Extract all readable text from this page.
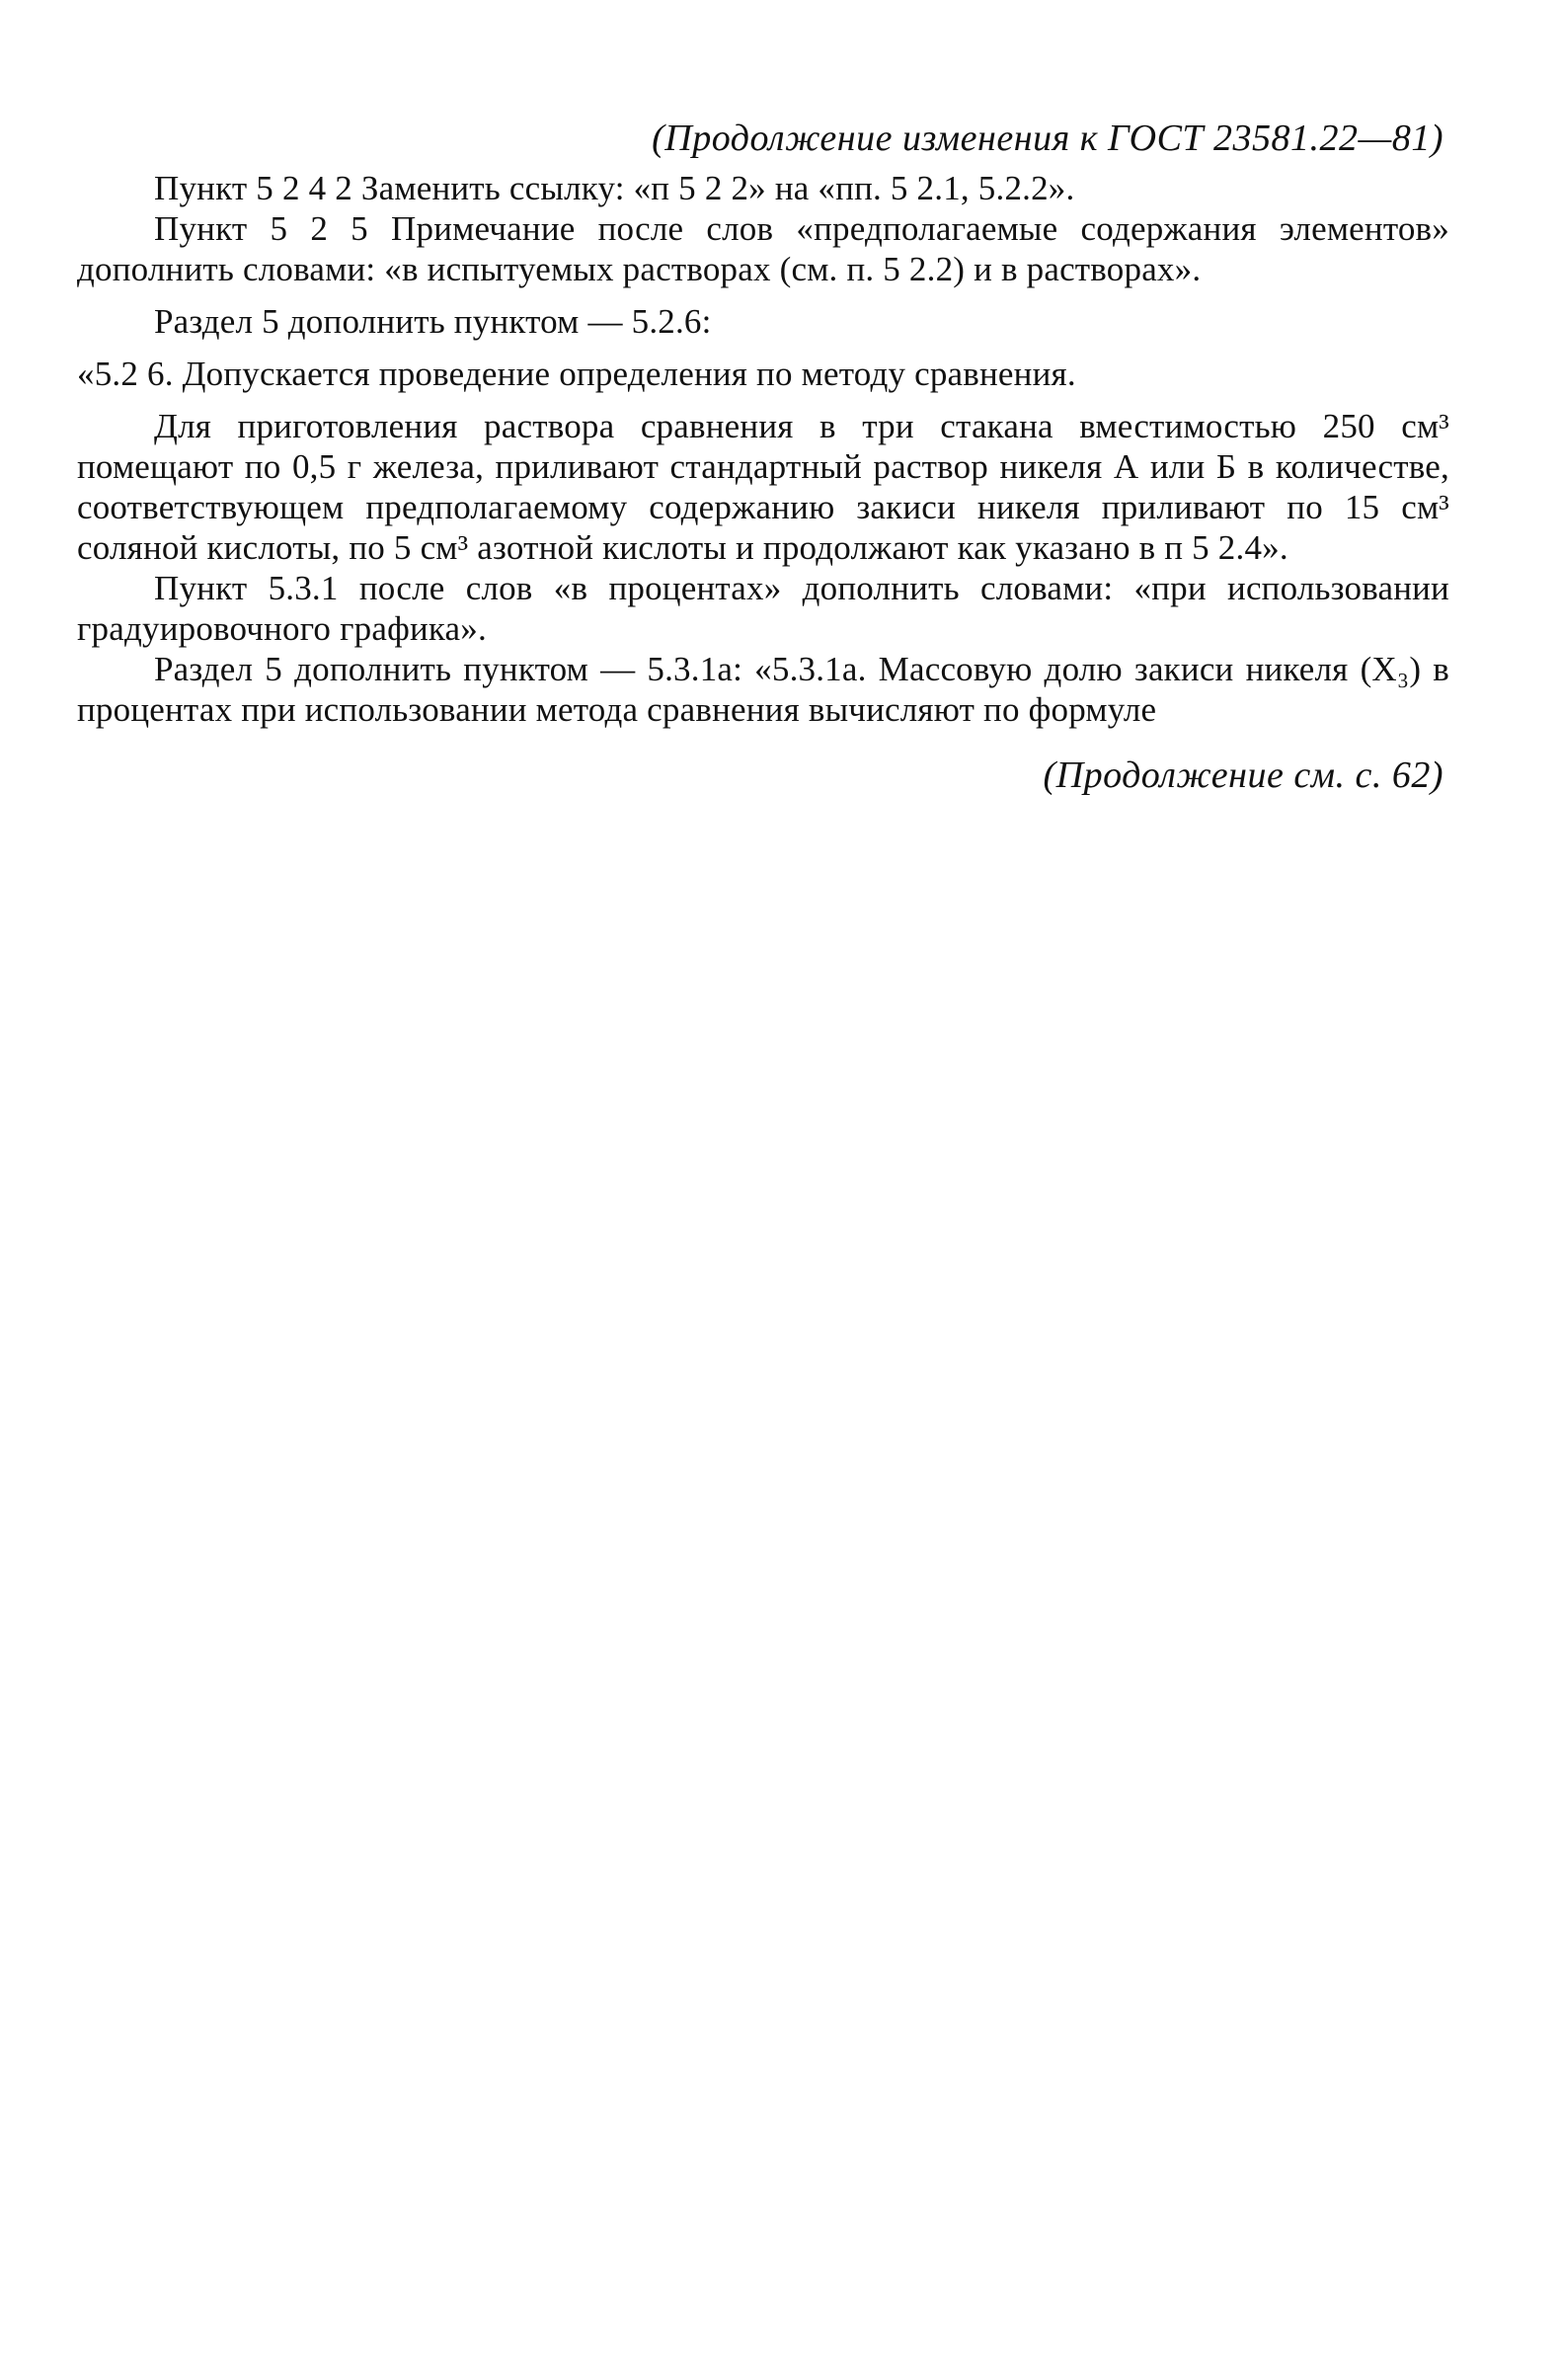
(Продолжение изменения к ГОСТ 23581.22—81)

Пункт 5 2 4 2 Заменить ссылку: «п 5 2 2» на «пп. 5 2.1, 5.2.2».

Пункт 5 2 5 Примечание после слов «предполагаемые содержания элементов» дополнить словами: «в испытуемых растворах (см. п. 5 2.2) и в растворах».

Раздел 5 дополнить пунктом — 5.2.6:

«5.2 6. Допускается проведение определения по методу сравнения.

Для приготовления раствора сравнения в три стакана вместимостью 250 см³ помещают по 0,5 г железа, приливают стандартный раствор никеля А или Б в количестве, соответствующем предполагаемому содержанию закиси никеля приливают по 15 см³ соляной кислоты, по 5 см³ азотной кислоты и продолжают как указано в п 5 2.4».

Пункт 5.3.1 после слов «в процентах» дополнить словами: «при использовании градуировочного графика».

Раздел 5 дополнить пунктом — 5.3.1а: «5.3.1а. Массовую долю закиси никеля (X₃) в процентах при использовании метода сравнения вычисляют по формуле

(Продолжение см. с. 62)
